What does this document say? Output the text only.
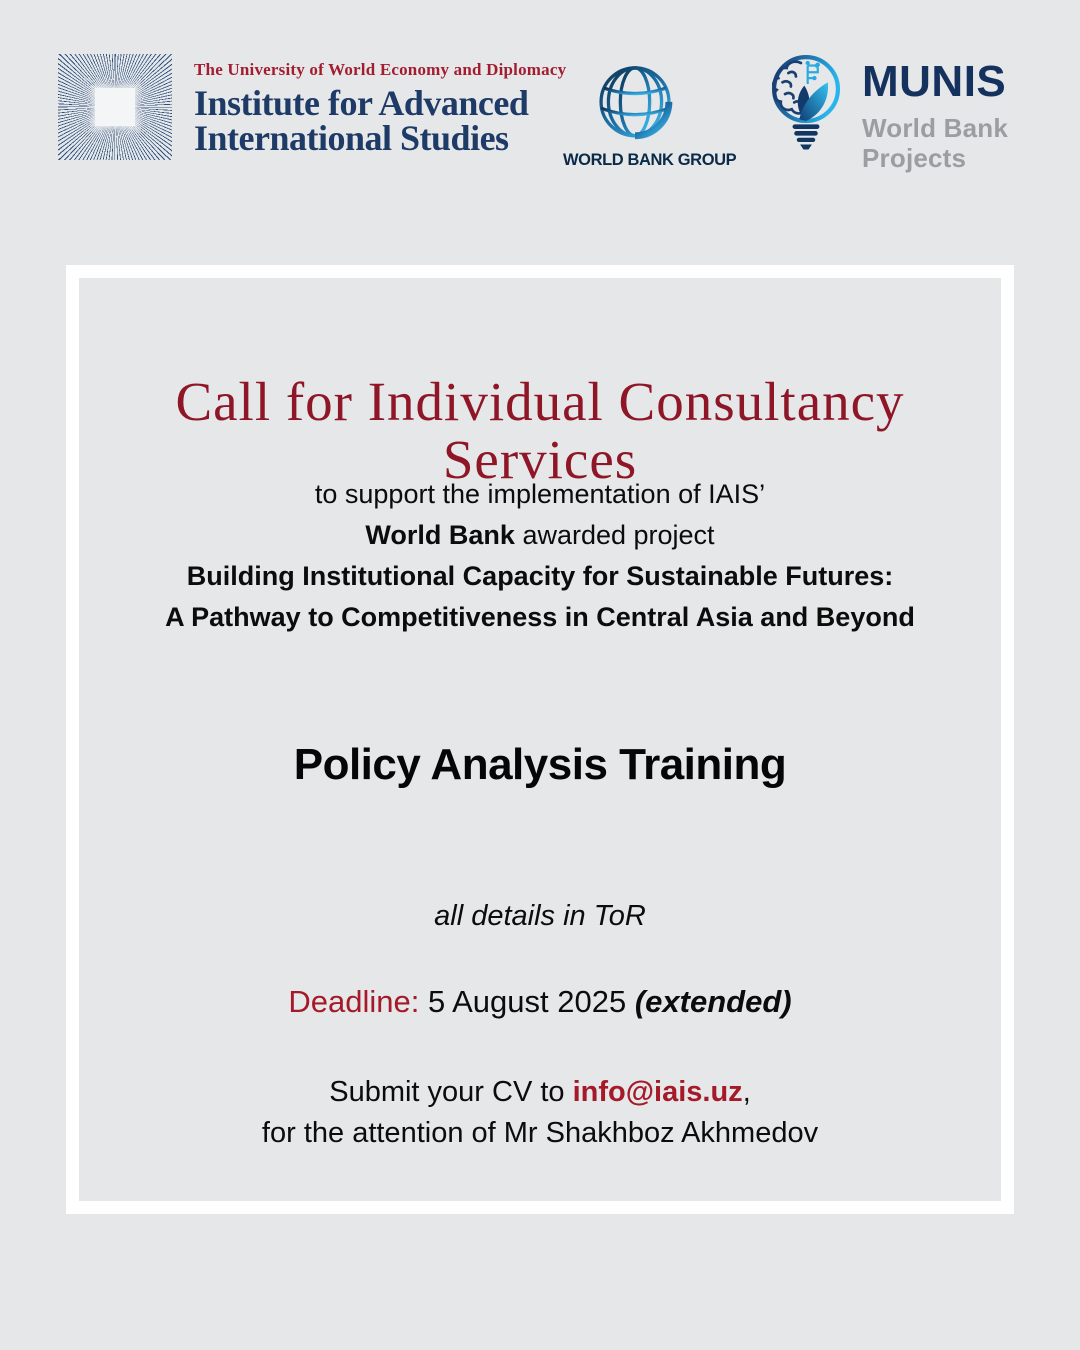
The University of World Economy and Diplomacy
Institute for Advanced
International Studies
WORLD BANK GROUP
MUNIS
World Bank
Projects
Call for Individual Consultancy
Services
to support the implementation of IAIS’
World Bank awarded project
Building Institutional Capacity for Sustainable Futures:
A Pathway to Competitiveness in Central Asia and Beyond
Policy Analysis Training
all details in ToR
Deadline: 5 August 2025 (extended)
Submit your CV to info@iais.uz,
for the attention of Mr Shakhboz Akhmedov
